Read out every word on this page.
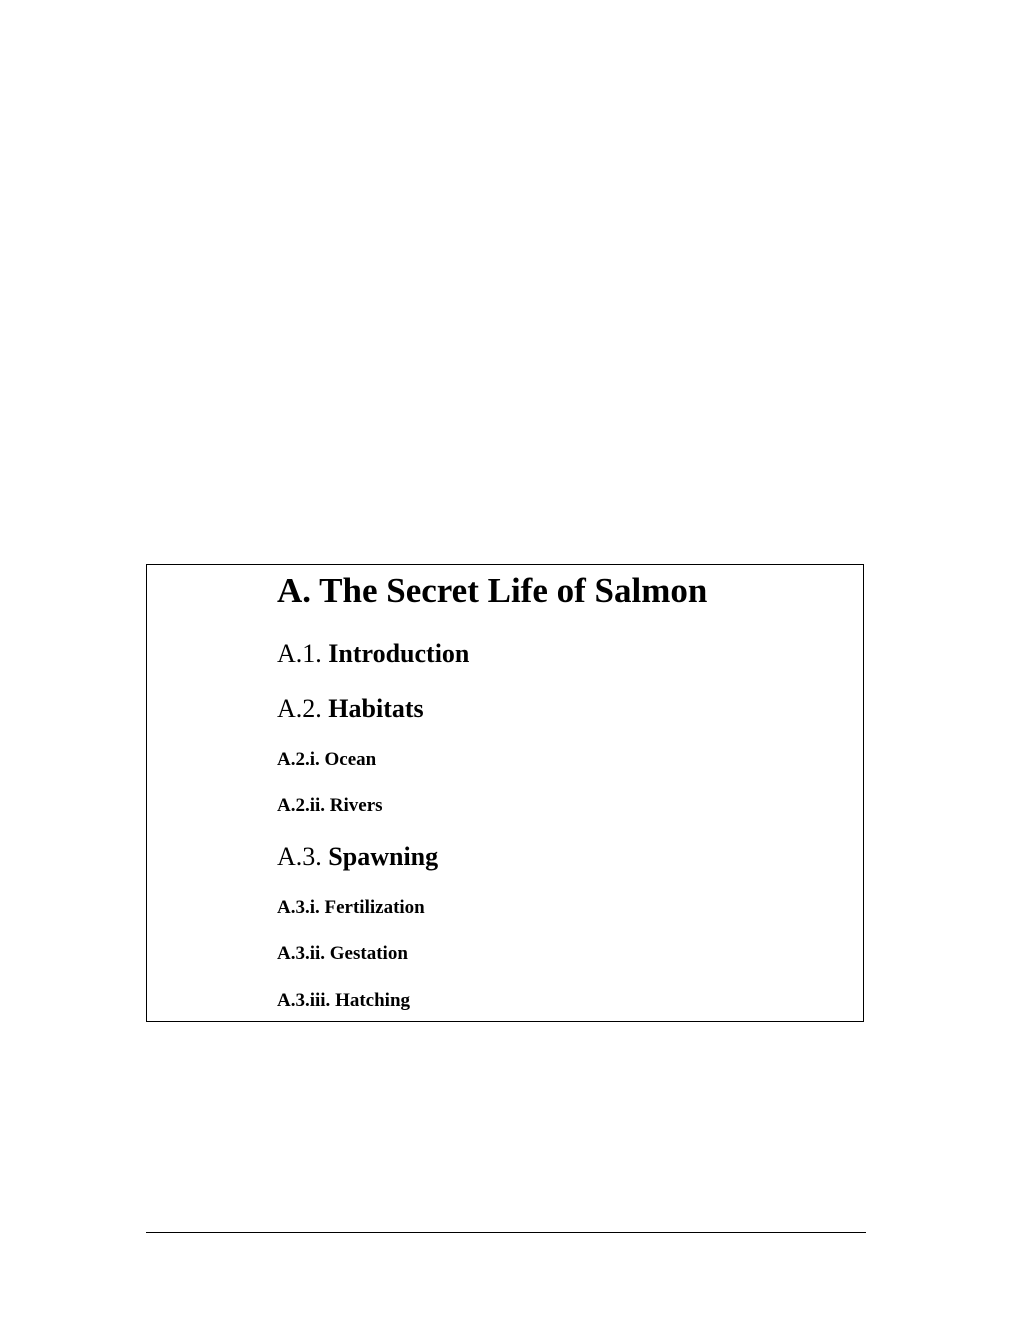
A. The Secret Life of Salmon
A.1. Introduction
A.2. Habitats
A.2.i. Ocean
A.2.ii. Rivers
A.3. Spawning
A.3.i. Fertilization
A.3.ii. Gestation
A.3.iii. Hatching
